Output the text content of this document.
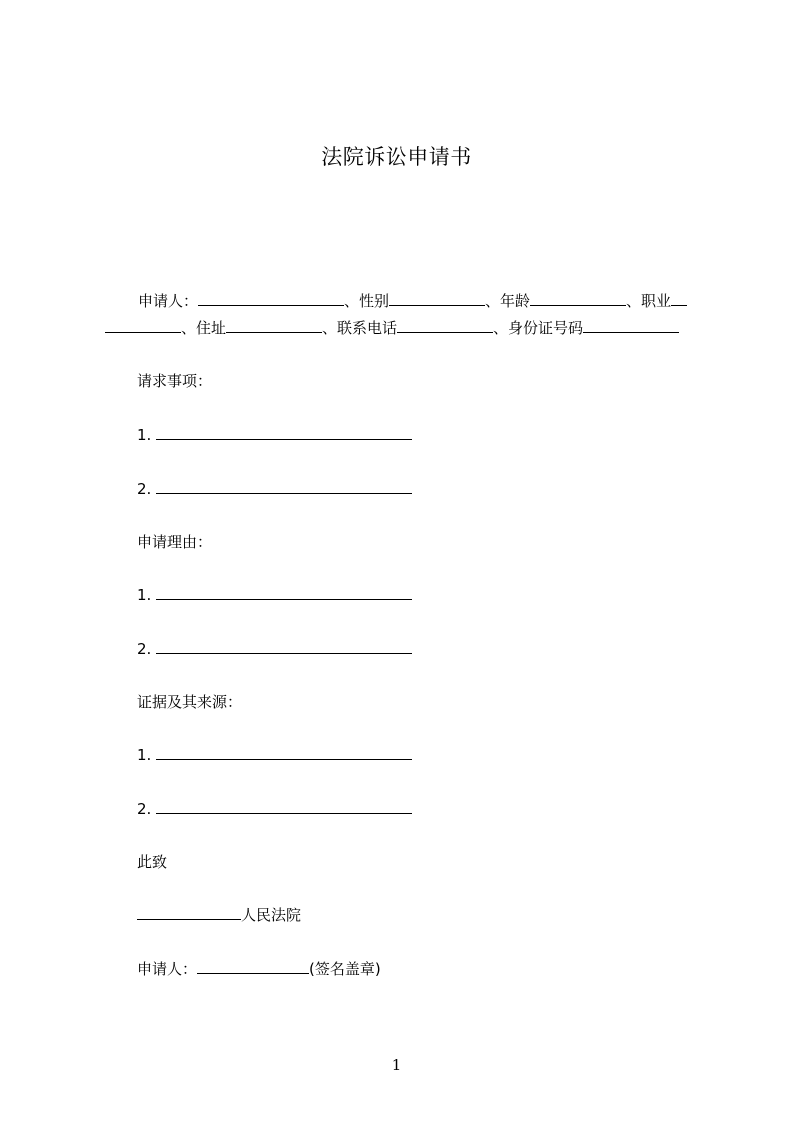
法院诉讼申请书
申请人：	、性别	、年龄	、职业
、住址	、联系电话	、身份证号码
请求事项：
1.
2.
申请理由：
1.
2.
证据及其来源：
1.
2.
此致
人民法院
申请人：	(签名盖章)
1
